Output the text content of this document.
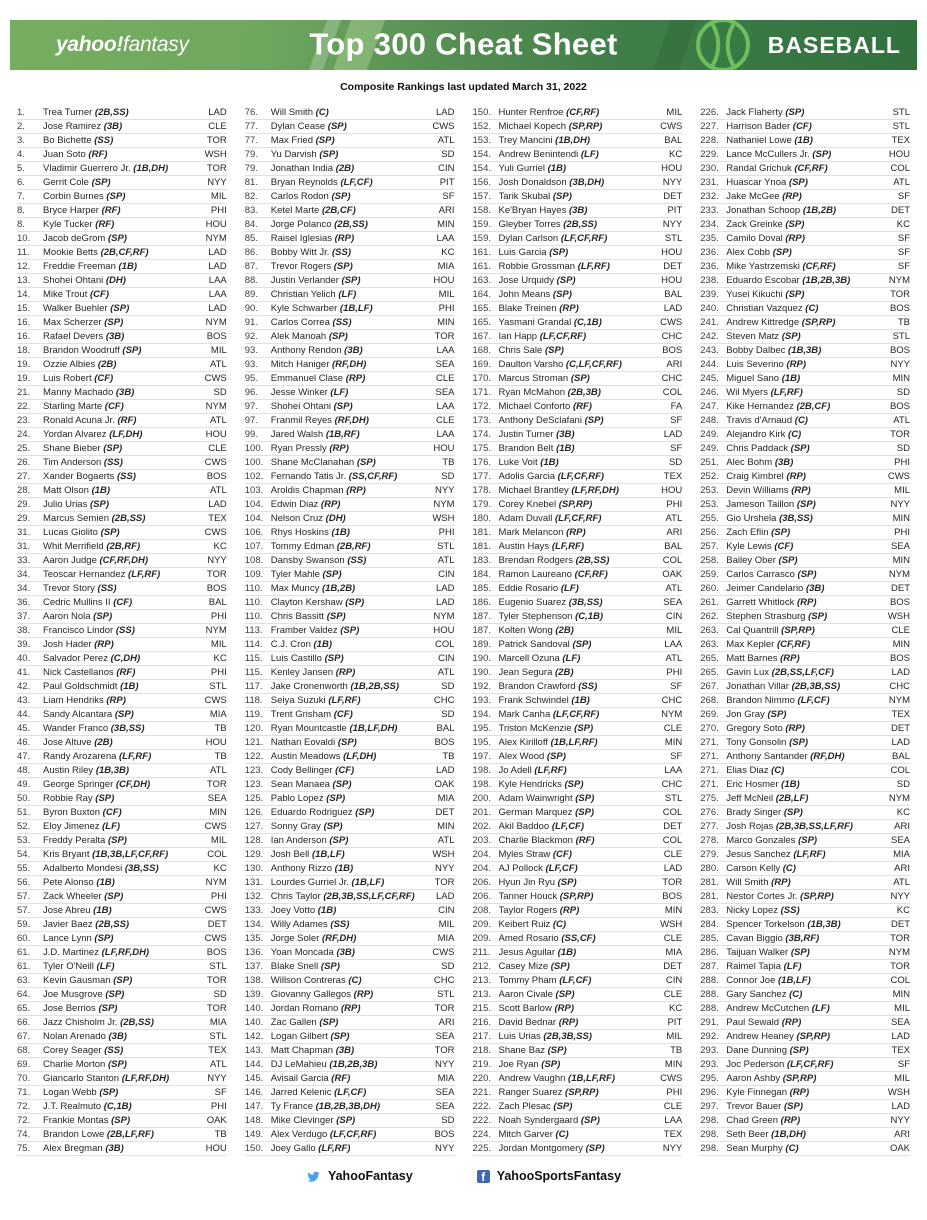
yahoo!fantasy	Top 300 Cheat Sheet	BASEBALL

Composite Rankings last updated March 31, 2022

1.	Trea Turner (2B,SS)	LAD
2.	Jose Ramirez (3B)	CLE
3.	Bo Bichette (SS)	TOR
4.	Juan Soto (RF)	WSH
5.	Vladimir Guerrero Jr. (1B,DH)	TOR
6.	Gerrit Cole (SP)	NYY
7.	Corbin Burnes (SP)	MIL
8.	Bryce Harper (RF)	PHI
8.	Kyle Tucker (RF)	HOU
10.	Jacob deGrom (SP)	NYM
11.	Mookie Betts (2B,CF,RF)	LAD
12.	Freddie Freeman (1B)	LAD
13.	Shohei Ohtani (DH)	LAA
14.	Mike Trout (CF)	LAA
15.	Walker Buehler (SP)	LAD
16.	Max Scherzer (SP)	NYM
16.	Rafael Devers (3B)	BOS
18.	Brandon Woodruff (SP)	MIL
19.	Ozzie Albies (2B)	ATL
19.	Luis Robert (CF)	CWS
21.	Manny Machado (3B)	SD
22.	Starling Marte (CF)	NYM
23.	Ronald Acuna Jr. (RF)	ATL
24.	Yordan Alvarez (LF,DH)	HOU
25.	Shane Bieber (SP)	CLE
26.	Tim Anderson (SS)	CWS
27.	Xander Bogaerts (SS)	BOS
28.	Matt Olson (1B)	ATL
29.	Julio Urias (SP)	LAD
29.	Marcus Semien (2B,SS)	TEX
31.	Lucas Giolito (SP)	CWS
31.	Whit Merrifield (2B,RF)	KC
33.	Aaron Judge (CF,RF,DH)	NYY
34.	Teoscar Hernandez (LF,RF)	TOR
34.	Trevor Story (SS)	BOS
36.	Cedric Mullins II (CF)	BAL
37.	Aaron Nola (SP)	PHI
38.	Francisco Lindor (SS)	NYM
39.	Josh Hader (RP)	MIL
40.	Salvador Perez (C,DH)	KC
41.	Nick Castellanos (RF)	PHI
42.	Paul Goldschmidt (1B)	STL
43.	Liam Hendriks (RP)	CWS
44.	Sandy Alcantara (SP)	MIA
45.	Wander Franco (3B,SS)	TB
46.	Jose Altuve (2B)	HOU
47.	Randy Arozarena (LF,RF)	TB
48.	Austin Riley (1B,3B)	ATL
49.	George Springer (CF,DH)	TOR
50.	Robbie Ray (SP)	SEA
51.	Byron Buxton (CF)	MIN
52.	Eloy Jimenez (LF)	CWS
53.	Freddy Peralta (SP)	MIL
54.	Kris Bryant (1B,3B,LF,CF,RF)	COL
55.	Adalberto Mondesi (3B,SS)	KC
56.	Pete Alonso (1B)	NYM
57.	Zack Wheeler (SP)	PHI
57.	Jose Abreu (1B)	CWS
59.	Javier Baez (2B,SS)	DET
60.	Lance Lynn (SP)	CWS
61.	J.D. Martinez (LF,RF,DH)	BOS
61.	Tyler O'Neill (LF)	STL
63.	Kevin Gausman (SP)	TOR
64.	Joe Musgrove (SP)	SD
65.	Jose Berrios (SP)	TOR
66.	Jazz Chisholm Jr. (2B,SS)	MIA
67.	Nolan Arenado (3B)	STL
68.	Corey Seager (SS)	TEX
69.	Charlie Morton (SP)	ATL
70.	Giancarlo Stanton (LF,RF,DH)	NYY
71.	Logan Webb (SP)	SF
72.	J.T. Realmuto (C,1B)	PHI
72.	Frankie Montas (SP)	OAK
74.	Brandon Lowe (2B,LF,RF)	TB
75.	Alex Bregman (3B)	HOU
76.	Will Smith (C)	LAD
77.	Dylan Cease (SP)	CWS
77.	Max Fried (SP)	ATL
79.	Yu Darvish (SP)	SD
79.	Jonathan India (2B)	CIN
81.	Bryan Reynolds (LF,CF)	PIT
82.	Carlos Rodon (SP)	SF
83.	Ketel Marte (2B,CF)	ARI
84.	Jorge Polanco (2B,SS)	MIN
85.	Raisel Iglesias (RP)	LAA
86.	Bobby Witt Jr. (SS)	KC
87.	Trevor Rogers (SP)	MIA
88.	Justin Verlander (SP)	HOU
89.	Christian Yelich (LF)	MIL
90.	Kyle Schwarber (1B,LF)	PHI
91.	Carlos Correa (SS)	MIN
92.	Alek Manoah (SP)	TOR
93.	Anthony Rendon (3B)	LAA
93.	Mitch Haniger (RF,DH)	SEA
95.	Emmanuel Clase (RP)	CLE
96.	Jesse Winker (LF)	SEA
97.	Shohei Ohtani (SP)	LAA
97.	Franmil Reyes (RF,DH)	CLE
99.	Jared Walsh (1B,RF)	LAA
100. Ryan Pressly (RP)	HOU
100. Shane McClanahan (SP)	TB
102. Fernando Tatis Jr. (SS,CF,RF)	SD
103. Aroldis Chapman (RP)	NYY
104. Edwin Diaz (RP)	NYM
104. Nelson Cruz (DH)	WSH
106. Rhys Hoskins (1B)	PHI
107. Tommy Edman (2B,RF)	STL
108. Dansby Swanson (SS)	ATL
109. Tyler Mahle (SP)	CIN
110. Max Muncy (1B,2B)	LAD
110. Clayton Kershaw (SP)	LAD
110. Chris Bassitt (SP)	NYM
113. Framber Valdez (SP)	HOU
114. C.J. Cron (1B)	COL
115. Luis Castillo (SP)	CIN
115. Kenley Jansen (RP)	ATL
117. Jake Cronenworth (1B,2B,SS)	SD
118. Seiya Suzuki (LF,RF)	CHC
119. Trent Grisham (CF)	SD
120. Ryan Mountcastle (1B,LF,DH)	BAL
121. Nathan Eovaldi (SP)	BOS
122. Austin Meadows (LF,DH)	TB
123. Cody Bellinger (CF)	LAD
123. Sean Manaea (SP)	OAK
125. Pablo Lopez (SP)	MIA
126. Eduardo Rodriguez (SP)	DET
127. Sonny Gray (SP)	MIN
128. Ian Anderson (SP)	ATL
129. Josh Bell (1B,LF)	WSH
130. Anthony Rizzo (1B)	NYY
131. Lourdes Gurriel Jr. (1B,LF)	TOR
132. Chris Taylor (2B,3B,SS,LF,CF,RF)	LAD
133. Joey Votto (1B)	CIN
134. Willy Adames (SS)	MIL
135. Jorge Soler (RF,DH)	MIA
136. Yoan Moncada (3B)	CWS
137. Blake Snell (SP)	SD
138. Willson Contreras (C)	CHC
139. Giovanny Gallegos (RP)	STL
140. Jordan Romano (RP)	TOR
140. Zac Gallen (SP)	ARI
142. Logan Gilbert (SP)	SEA
143. Matt Chapman (3B)	TOR
144. DJ LeMahieu (1B,2B,3B)	NYY
145. Avisail Garcia (RF)	MIA
146. Jarred Kelenic (LF,CF)	SEA
147. Ty France (1B,2B,3B,DH)	SEA
148. Mike Clevinger (SP)	SD
149. Alex Verdugo (LF,CF,RF)	BOS
150. Joey Gallo (LF,RF)	NYY
150. Hunter Renfroe (CF,RF)	MIL
152. Michael Kopech (SP,RP)	CWS
153. Trey Mancini (1B,DH)	BAL
154. Andrew Benintendi (LF)	KC
154. Yuli Gurriel (1B)	HOU
156. Josh Donaldson (3B,DH)	NYY
157. Tarik Skubal (SP)	DET
158. Ke'Bryan Hayes (3B)	PIT
159. Gleyber Torres (2B,SS)	NYY
159. Dylan Carlson (LF,CF,RF)	STL
161. Luis Garcia (SP)	HOU
161. Robbie Grossman (LF,RF)	DET
163. Jose Urquidy (SP)	HOU
164. John Means (SP)	BAL
165. Blake Treinen (RP)	LAD
165. Yasmani Grandal (C,1B)	CWS
167. Ian Happ (LF,CF,RF)	CHC
168. Chris Sale (SP)	BOS
169. Daulton Varsho (C,LF,CF,RF)	ARI
170. Marcus Stroman (SP)	CHC
171. Ryan McMahon (2B,3B)	COL
172. Michael Conforto (RF)	FA
173. Anthony DeSclafani (SP)	SF
174. Justin Turner (3B)	LAD
175. Brandon Belt (1B)	SF
176. Luke Voit (1B)	SD
177. Adolis Garcia (LF,CF,RF)	TEX
178. Michael Brantley (LF,RF,DH)	HOU
179. Corey Knebel (SP,RP)	PHI
180. Adam Duvall (LF,CF,RF)	ATL
181. Mark Melancon (RP)	ARI
181. Austin Hays (LF,RF)	BAL
183. Brendan Rodgers (2B,SS)	COL
184. Ramon Laureano (CF,RF)	OAK
185. Eddie Rosario (LF)	ATL
186. Eugenio Suarez (3B,SS)	SEA
187. Tyler Stephenson (C,1B)	CIN
187. Kolten Wong (2B)	MIL
189. Patrick Sandoval (SP)	LAA
190. Marcell Ozuna (LF)	ATL
190. Jean Segura (2B)	PHI
192. Brandon Crawford (SS)	SF
193. Frank Schwindel (1B)	CHC
194. Mark Canha (LF,CF,RF)	NYM
195. Triston McKenzie (SP)	CLE
195. Alex Kirilloff (1B,LF,RF)	MIN
197. Alex Wood (SP)	SF
198. Jo Adell (LF,RF)	LAA
198. Kyle Hendricks (SP)	CHC
200. Adam Wainwright (SP)	STL
201. German Marquez (SP)	COL
202. Akil Baddoo (LF,CF)	DET
203. Charlie Blackmon (RF)	COL
204. Myles Straw (CF)	CLE
204. AJ Pollock (LF,CF)	LAD
206. Hyun Jin Ryu (SP)	TOR
206. Tanner Houck (SP,RP)	BOS
208. Taylor Rogers (RP)	MIN
209. Keibert Ruiz (C)	WSH
209. Amed Rosario (SS,CF)	CLE
211. Jesus Aguilar (1B)	MIA
212. Casey Mize (SP)	DET
213. Tommy Pham (LF,CF)	CIN
213. Aaron Civale (SP)	CLE
215. Scott Barlow (RP)	KC
216. David Bednar (RP)	PIT
217. Luis Urias (2B,3B,SS)	MIL
218. Shane Baz (SP)	TB
219. Joe Ryan (SP)	MIN
220. Andrew Vaughn (1B,LF,RF)	CWS
221. Ranger Suarez (SP,RP)	PHI
222. Zach Plesac (SP)	CLE
222. Noah Syndergaard (SP)	LAA
224. Mitch Garver (C)	TEX
225. Jordan Montgomery (SP)	NYY
226. Jack Flaherty (SP)	STL
227. Harrison Bader (CF)	STL
228. Nathaniel Lowe (1B)	TEX
229. Lance McCullers Jr. (SP)	HOU
230. Randal Grichuk (CF,RF)	COL
231. Huascar Ynoa (SP)	ATL
232. Jake McGee (RP)	SF
233. Jonathan Schoop (1B,2B)	DET
234. Zack Greinke (SP)	KC
235. Camilo Doval (RP)	SF
236. Alex Cobb (SP)	SF
236. Mike Yastrzemski (CF,RF)	SF
238. Eduardo Escobar (1B,2B,3B)	NYM
239. Yusei Kikuchi (SP)	TOR
240. Christian Vazquez (C)	BOS
241. Andrew Kittredge (SP,RP)	TB
242. Steven Matz (SP)	STL
243. Bobby Dalbec (1B,3B)	BOS
244. Luis Severino (RP)	NYY
245. Miguel Sano (1B)	MIN
246. Wil Myers (LF,RF)	SD
247. Kike Hernandez (2B,CF)	BOS
248. Travis d'Arnaud (C)	ATL
249. Alejandro Kirk (C)	TOR
249. Chris Paddack (SP)	SD
251. Alec Bohm (3B)	PHI
252. Craig Kimbrel (RP)	CWS
253. Devin Williams (RP)	MIL
253. Jameson Taillon (SP)	NYY
255. Gio Urshela (3B,SS)	MIN
256. Zach Eflin (SP)	PHI
257. Kyle Lewis (CF)	SEA
258. Bailey Ober (SP)	MIN
259. Carlos Carrasco (SP)	NYM
260. Jeimer Candelario (3B)	DET
261. Garrett Whitlock (RP)	BOS
262. Stephen Strasburg (SP)	WSH
263. Cal Quantrill (SP,RP)	CLE
263. Max Kepler (CF,RF)	MIN
265. Matt Barnes (RP)	BOS
265. Gavin Lux (2B,SS,LF,CF)	LAD
267. Jonathan Villar (2B,3B,SS)	CHC
268. Brandon Nimmo (LF,CF)	NYM
269. Jon Gray (SP)	TEX
270. Gregory Soto (RP)	DET
271. Tony Gonsolin (SP)	LAD
271. Anthony Santander (RF,DH)	BAL
271. Elias Diaz (C)	COL
271. Eric Hosmer (1B)	SD
275. Jeff McNeil (2B,LF)	NYM
276. Brady Singer (SP)	KC
277. Josh Rojas (2B,3B,SS,LF,RF)	ARI
278. Marco Gonzales (SP)	SEA
279. Jesus Sanchez (LF,RF)	MIA
280. Carson Kelly (C)	ARI
281. Will Smith (RP)	ATL
281. Nestor Cortes Jr. (SP,RP)	NYY
283. Nicky Lopez (SS)	KC
284. Spencer Torkelson (1B,3B)	DET
285. Cavan Biggio (3B,RF)	TOR
286. Taijuan Walker (SP)	NYM
287. Raimel Tapia (LF)	TOR
288. Connor Joe (1B,LF)	COL
288. Gary Sanchez (C)	MIN
288. Andrew McCutchen (LF)	MIL
291. Paul Sewald (RP)	SEA
292. Andrew Heaney (SP,RP)	LAD
293. Dane Dunning (SP)	TEX
293. Joc Pederson (LF,CF,RF)	SF
295. Aaron Ashby (SP,RP)	MIL
296. Kyle Finnegan (RP)	WSH
297. Trevor Bauer (SP)	LAD
298. Chad Green (RP)	NYY
298. Seth Beer (1B,DH)	ARI
298. Sean Murphy (C)	OAK
YahooFantasy	f YahooSportsFantasy
